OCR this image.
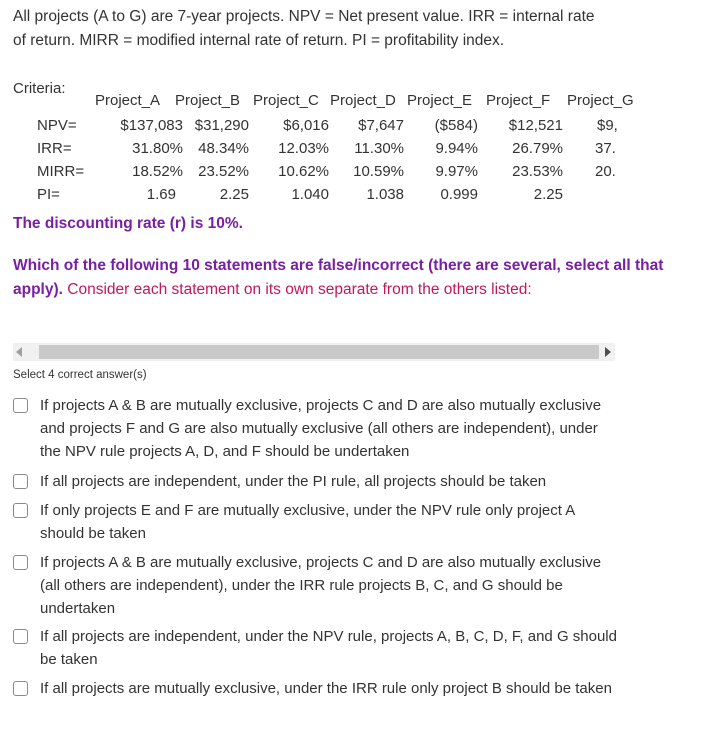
All projects (A to G) are 7-year projects. NPV = Net present value. IRR = internal rate
of return. MIRR = modified internal rate of return. PI = profitability index.
Criteria:
Project_A Project_B Project_C Project_D Project_E Project_F Project_G
NPV=	$137,083 $31,290 $6,016 $7,647 ($584) $12,521 $9,
IRR=	31.80% 48.34% 12.03% 11.30% 9.94% 26.79% 37.
MIRR=	18.52% 23.52% 10.62% 10.59% 9.97% 23.53% 20.
PI=	1.69	2.25	1.040 1.038 0.999	2.25
The discounting rate (r) is 10%.
Which of the following 10 statements are false/incorrect (there are several, select all that apply). Consider each statement on its own separate from the others listed:
Select 4 correct answer(s)
If projects A & B are mutually exclusive, projects C and D are also mutually exclusive and projects F and G are also mutually exclusive (all others are independent), under the NPV rule projects A, D, and F should be undertaken
If all projects are independent, under the PI rule, all projects should be taken
If only projects E and F are mutually exclusive, under the NPV rule only project A should be taken
If projects A & B are mutually exclusive, projects C and D are also mutually exclusive (all others are independent), under the IRR rule projects B, C, and G should be undertaken
If all projects are independent, under the NPV rule, projects A, B, C, D, F, and G should be taken
If all projects are mutually exclusive, under the IRR rule only project B should be taken
